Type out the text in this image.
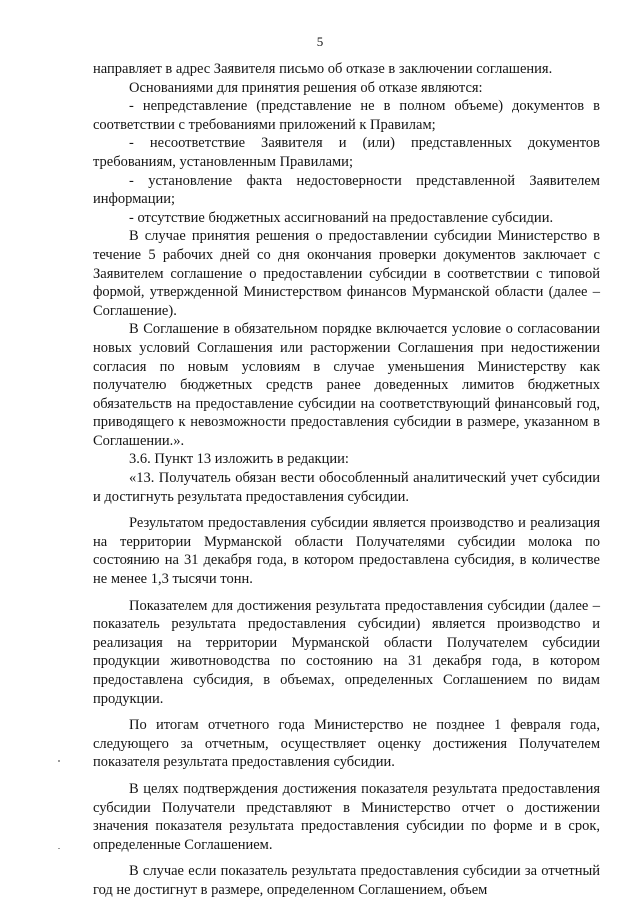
5

направляет в адрес Заявителя письмо об отказе в заключении соглашения.

Основаниями для принятия решения об отказе являются:

- непредставление (представление не в полном объеме) документов в соответствии с требованиями приложений к Правилам;

- несоответствие Заявителя и (или) представленных документов требованиям, установленным Правилами;

- установление факта недостоверности представленной Заявителем информации;

- отсутствие бюджетных ассигнований на предоставление субсидии.

В случае принятия решения о предоставлении субсидии Министерство в течение 5 рабочих дней со дня окончания проверки документов заключает с Заявителем соглашение о предоставлении субсидии в соответствии с типовой формой, утвержденной Министерством финансов Мурманской области (далее – Соглашение).

В Соглашение в обязательном порядке включается условие о согласовании новых условий Соглашения или расторжении Соглашения при недостижении согласия по новым условиям в случае уменьшения Министерству как получателю бюджетных средств ранее доведенных лимитов бюджетных обязательств на предоставление субсидии на соответствующий финансовый год, приводящего к невозможности предоставления субсидии в размере, указанном в Соглашении.».

3.6. Пункт 13 изложить в редакции:

«13. Получатель обязан вести обособленный аналитический учет субсидии и достигнуть результата предоставления субсидии.

Результатом предоставления субсидии является производство и реализация на территории Мурманской области Получателями субсидии молока по состоянию на 31 декабря года, в котором предоставлена субсидия, в количестве не менее 1,3 тысячи тонн.

Показателем для достижения результата предоставления субсидии (далее – показатель результата предоставления субсидии) является производство и реализация на территории Мурманской области Получателем субсидии продукции животноводства по состоянию на 31 декабря года, в котором предоставлена субсидия, в объемах, определенных Соглашением по видам продукции.

По итогам отчетного года Министерство не позднее 1 февраля года, следующего за отчетным, осуществляет оценку достижения Получателем показателя результата предоставления субсидии.

В целях подтверждения достижения показателя результата предоставления субсидии Получатели представляют в Министерство отчет о достижении значения показателя результата предоставления субсидии по форме и в срок, определенные Соглашением.

В случае если показатель результата предоставления субсидии за отчетный год не достигнут в размере, определенном Соглашением, объем
